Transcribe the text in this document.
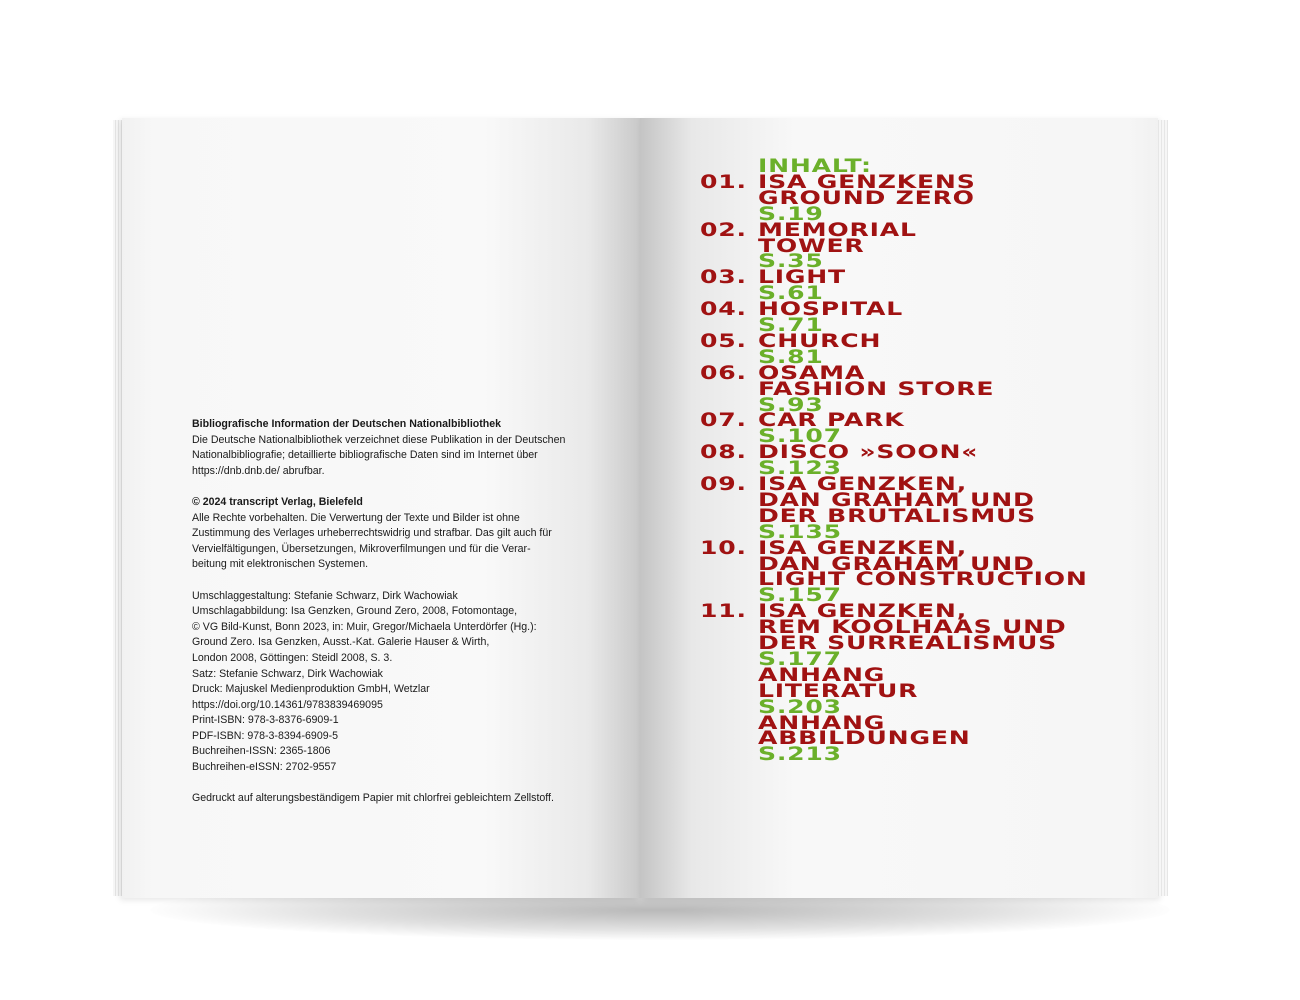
Bibliografische Information der Deutschen Nationalbibliothek

Die Deutsche Nationalbibliothek verzeichnet diese Publikation in der Deutschen

Nationalbibliografie; detaillierte bibliografische Daten sind im Internet über

https://dnb.dnb.de/ abrufbar.

© 2024 transcript Verlag, Bielefeld

Alle Rechte vorbehalten. Die Verwertung der Texte und Bilder ist ohne

Zustimmung des Verlages urheberrechtswidrig und strafbar. Das gilt auch für

Vervielfältigungen, Übersetzungen, Mikroverfilmungen und für die Verar-

beitung mit elektronischen Systemen.

Umschlaggestaltung: Stefanie Schwarz, Dirk Wachowiak

Umschlagabbildung: Isa Genzken, Ground Zero, 2008, Fotomontage,

© VG Bild-Kunst, Bonn 2023, in: Muir, Gregor/Michaela Unterdörfer (Hg.):

Ground Zero. Isa Genzken, Ausst.-Kat. Galerie Hauser & Wirth,

London 2008, Göttingen: Steidl 2008, S. 3.

Satz: Stefanie Schwarz, Dirk Wachowiak

Druck: Majuskel Medienproduktion GmbH, Wetzlar

https://doi.org/10.14361/9783839469095

Print-ISBN: 978-3-8376-6909-1

PDF-ISBN: 978-3-8394-6909-5

Buchreihen-ISSN: 2365-1806

Buchreihen-eISSN: 2702-9557

Gedruckt auf alterungsbeständigem Papier mit chlorfrei gebleichtem Zellstoff.

INHALT:
01. ISA GENZKENS
GROUND ZERO
S.19
02. MEMORIAL
TOWER
S.35
03. LIGHT
S.61
04. HOSPITAL
S.71
05. CHURCH
S.81
06. OSAMA
FASHION STORE
S.93
07. CAR PARK
S.107
08. DISCO »SOON«
S.123
09. ISA GENZKEN,
DAN GRAHAM UND
DER BRUTALISMUS
S.135
10. ISA GENZKEN,
DAN GRAHAM UND
LIGHT CONSTRUCTION
S.157
11. ISA GENZKEN,
REM KOOLHAAS UND
DER SURREALISMUS
S.177
ANHANG
LITERATUR
S.203
ANHANG
ABBILDUNGEN
S.213
